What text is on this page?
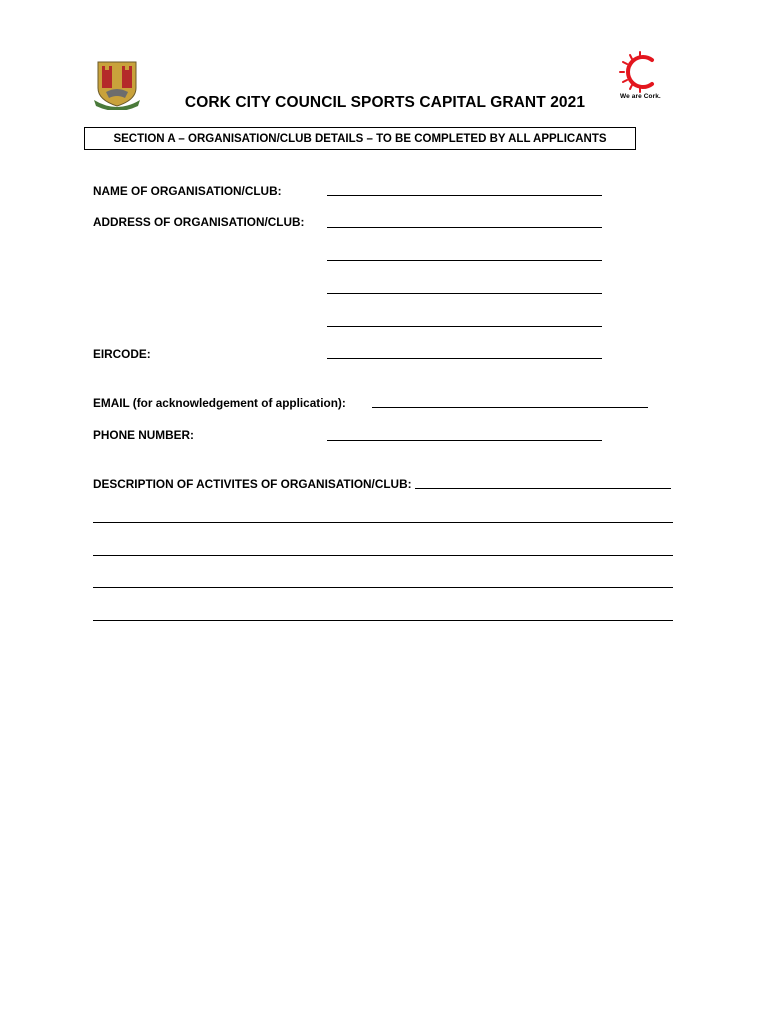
We are Cork.
CORK CITY COUNCIL SPORTS CAPITAL GRANT 2021
SECTION A – ORGANISATION/CLUB DETAILS – TO BE COMPLETED BY ALL APPLICANTS
NAME OF ORGANISATION/CLUB:
ADDRESS OF ORGANISATION/CLUB:
EIRCODE:
EMAIL (for acknowledgement of application):
PHONE NUMBER:
DESCRIPTION OF ACTIVITES OF ORGANISATION/CLUB:
